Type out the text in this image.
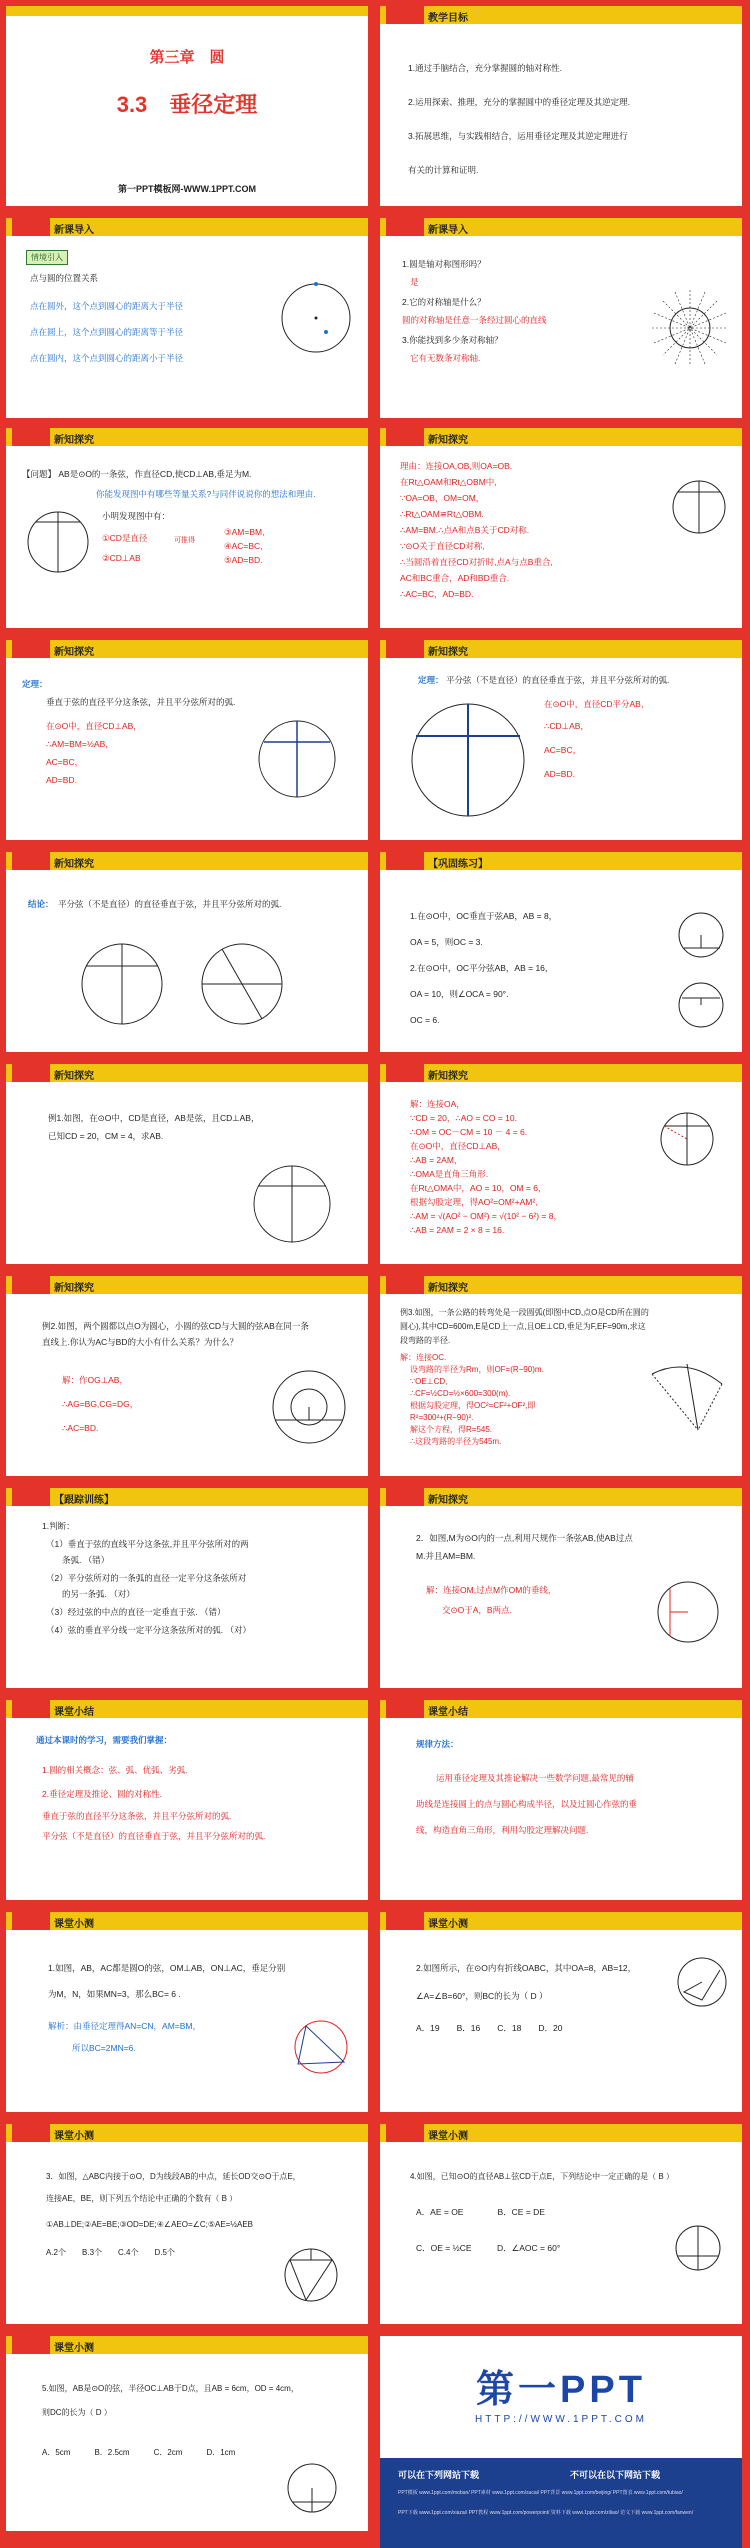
第三章　圆
3.3　垂径定理
第一PPT模板网-WWW.1PPT.COM
教学目标
1.通过手脑结合，充分掌握圆的轴对称性.
2.运用探索、推理，充分的掌握圆中的垂径定理及其逆定理.
3.拓展思维，与实践相结合，运用垂径定理及其逆定理进行
有关的计算和证明.
新课导入
情境引入
点与圆的位置关系
点在圆外，这个点到圆心的距离大于半径
点在圆上，这个点到圆心的距离等于半径
点在圆内，这个点到圆心的距离小于半径
新课导入
1.圆是轴对称图形吗？
是
2.它的对称轴是什么？
圆的对称轴是任意一条经过圆心的直线
3.你能找到多少条对称轴？
它有无数条对称轴.
新知探究
【问题】 AB是⊙O的一条弦，作直径CD,使CD⊥AB,垂足为M.
你能发现图中有哪些等量关系?与同伴说说你的想法和理由.
小明发现图中有：
①CD是直径
②CD⊥AB
可推得
③AM=BM,
④AC=BC,
⑤AD=BD.
新知探究
理由：连接OA,OB,则OA=OB.
在Rt△OAM和Rt△OBM中,
∵OA=OB，OM=OM，
∴Rt△OAM≌Rt△OBM.
∴AM=BM.∴点A和点B关于CD对称.
∵⊙O关于直径CD对称,
∴当圆沿着直径CD对折时,点A与点B重合,
AC和BC重合，AD和BD重合.
∴AC=BC，AD=BD.
新知探究
定理：
垂直于弦的直径平分这条弦，并且平分弦所对的弧.
在⊙O中，直径CD⊥AB，
∴AM=BM=½AB，
AC=BC，
AD=BD.
新知探究
定理： 平分弦（不是直径）的直径垂直于弦，并且平分弦所对的弧.
在⊙O中，直径CD平分AB，
∴CD⊥AB，
AC=BC，
AD=BD.
新知探究
结论： 平分弦（不是直径）的直径垂直于弦，并且平分弦所对的弧.
【巩固练习】
1.在⊙O中，OC垂直于弦AB，AB = 8，
OA = 5，则OC = 3.
2.在⊙O中，OC平分弦AB，AB = 16，
OA = 10，则∠OCA = 90°.
OC = 6.
新知探究
例1.如图，在⊙O中，CD是直径，AB是弦，且CD⊥AB，
已知CD = 20，CM = 4，求AB.
新知探究
解：连接OA，
∵CD = 20，∴AO = CO = 10.
∴OM = OC－CM = 10 － 4 = 6.
在⊙O中，直径CD⊥AB，
∴AB = 2AM，
∴OMA是直角三角形.
在Rt△OMA中，AO = 10，OM = 6，
根据勾股定理，得AO²=OM²+AM²,
∴AM = √(AO² − OM²) = √(10² − 6²) = 8，
∴AB = 2AM = 2 × 8 = 16.
新知探究
例2.如图，两个圆都以点O为圆心，小圆的弦CD与大圆的弦AB在同一条
直线上.你认为AC与BD的大小有什么关系？为什么？
解：作OG⊥AB，
∴AG=BG,CG=DG，
∴AC=BD.
新知探究
例3.如图，一条公路的转弯处是一段圆弧(即图中CD,点O是CD所在圆的
圆心),其中CD=600m,E是CD上一点,且OE⊥CD,垂足为F,EF=90m,求这
段弯路的半径.
解：连接OC.
设弯路的半径为Rm，则OF=(R−90)m.
∵OE⊥CD,
∴CF=½CD=½×600=300(m).
根据勾股定理，得OC²=CF²+OF²,即
R²=300²+(R−90)².
解这个方程，得R=545.
∴这段弯路的半径为545m.
【跟踪训练】
1.判断：
（1）垂直于弦的直线平分这条弦,并且平分弦所对的两
条弧. （错）
（2）平分弦所对的一条弧的直径一定平分这条弦所对
的另一条弧. （对）
（3）经过弦的中点的直径一定垂直于弦. （错）
（4）弦的垂直平分线一定平分这条弦所对的弧. （对）
新知探究
2．如图,M为⊙O内的一点,利用尺规作一条弦AB,使AB过点
M.并且AM=BM.
解：连接OM,过点M作OM的垂线，
交⊙O于A，B两点.
课堂小结
通过本课时的学习，需要我们掌握：
1.圆的相关概念：弦、弧、优弧、劣弧.
2.垂径定理及推论、圆的对称性.
垂直于弦的直径平分这条弦，并且平分弦所对的弧.
平分弦（不是直径）的直径垂直于弦，并且平分弦所对的弧.
课堂小结
规律方法：
运用垂径定理及其推论解决一些数学问题,最常见的辅
助线是连接圆上的点与圆心构成半径，以及过圆心作弦的垂
线，构造直角三角形，利用勾股定理解决问题.
课堂小测
1.如图，AB，AC都是圆O的弦，OM⊥AB，ON⊥AC，垂足分别
为M，N，如果MN=3，那么BC= 6 .
解析：由垂径定理得AN=CN，AM=BM，
所以BC=2MN=6.
课堂小测
2.如图所示，在⊙O内有折线OABC，其中OA=8，AB=12，
∠A=∠B=60°，则BC的长为（ D ）
A．19　　B．16　　C．18　　D．20
课堂小测
3．如图，△ABC内接于⊙O，D为线段AB的中点，延长OD交⊙O于点E，
连接AE，BE，则下列五个结论中正确的个数有（ B ）
①AB⊥DE;②AE=BE;③OD=DE;④∠AEO=∠C;⑤AE=½AEB
A.2个　　B.3个　　C.4个　　D.5个
课堂小测
4.如图，已知⊙O的直径AB⊥弦CD于点E，下列结论中一定正确的是（ B ）
A．AE = OE　　　　B．CE = DE
C．OE = ½CE　　　D．∠AOC = 60°
课堂小测
5.如图，AB是⊙O的弦，半径OC⊥AB于D点，且AB = 6cm，OD = 4cm，
则DC的长为（ D ）
A．5cm　　　B．2.5cm　　　C．2cm　　　D．1cm
第一PPT
HTTP://WWW.1PPT.COM
可以在下列网站下载	不可以在以下网站下载
PPT模板 www.1ppt.com/moban/ PPT素材 www.1ppt.com/sucai/ PPT背景 www.1ppt.com/beijing/ PPT图表 www.1ppt.com/tubiao/
PPT下载 www.1ppt.com/xiazai/ PPT教程 www.1ppt.com/powerpoint/ 资料下载 www.1ppt.com/ziliao/ 范文下载 www.1ppt.com/fanwen/
